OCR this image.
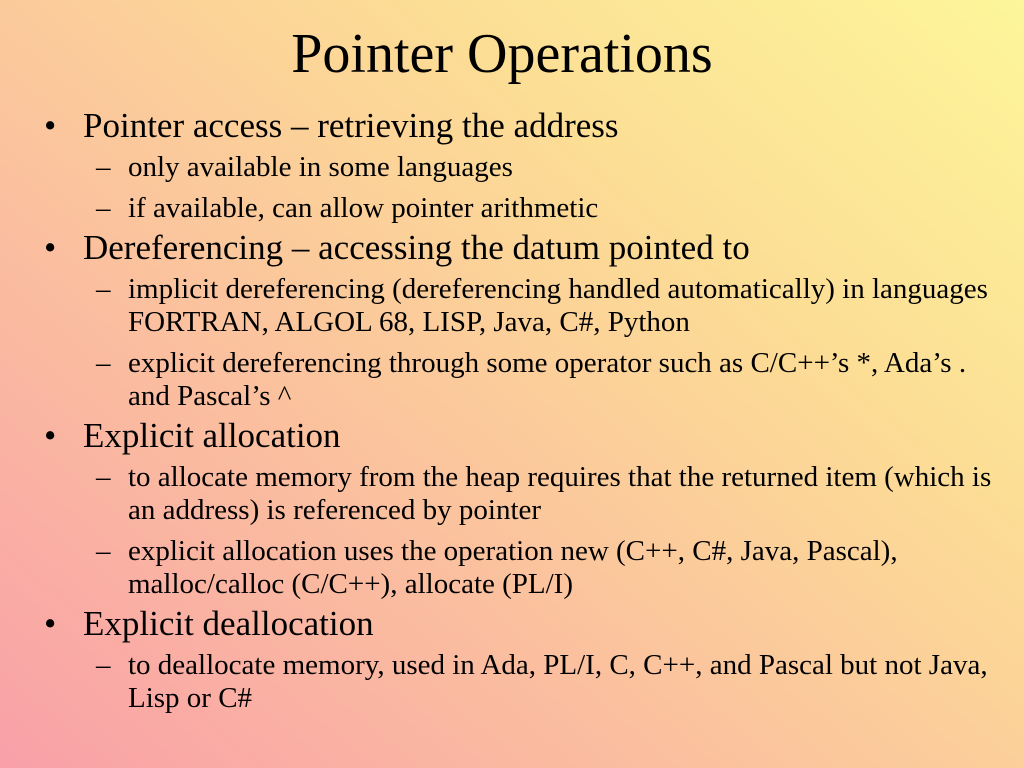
Pointer Operations
• Pointer access – retrieving the address
– only available in some languages
– if available, can allow pointer arithmetic
• Dereferencing – accessing the datum pointed to
– implicit dereferencing (dereferencing handled automatically) in languages FORTRAN, ALGOL 68, LISP, Java, C#, Python
– explicit dereferencing through some operator such as C/C++’s *, Ada’s . and Pascal’s ^
• Explicit allocation
– to allocate memory from the heap requires that the returned item (which is an address) is referenced by pointer
– explicit allocation uses the operation new (C++, C#, Java, Pascal), malloc/calloc (C/C++), allocate (PL/I)
• Explicit deallocation
– to deallocate memory, used in Ada, PL/I, C, C++, and Pascal but not Java, Lisp or C#
